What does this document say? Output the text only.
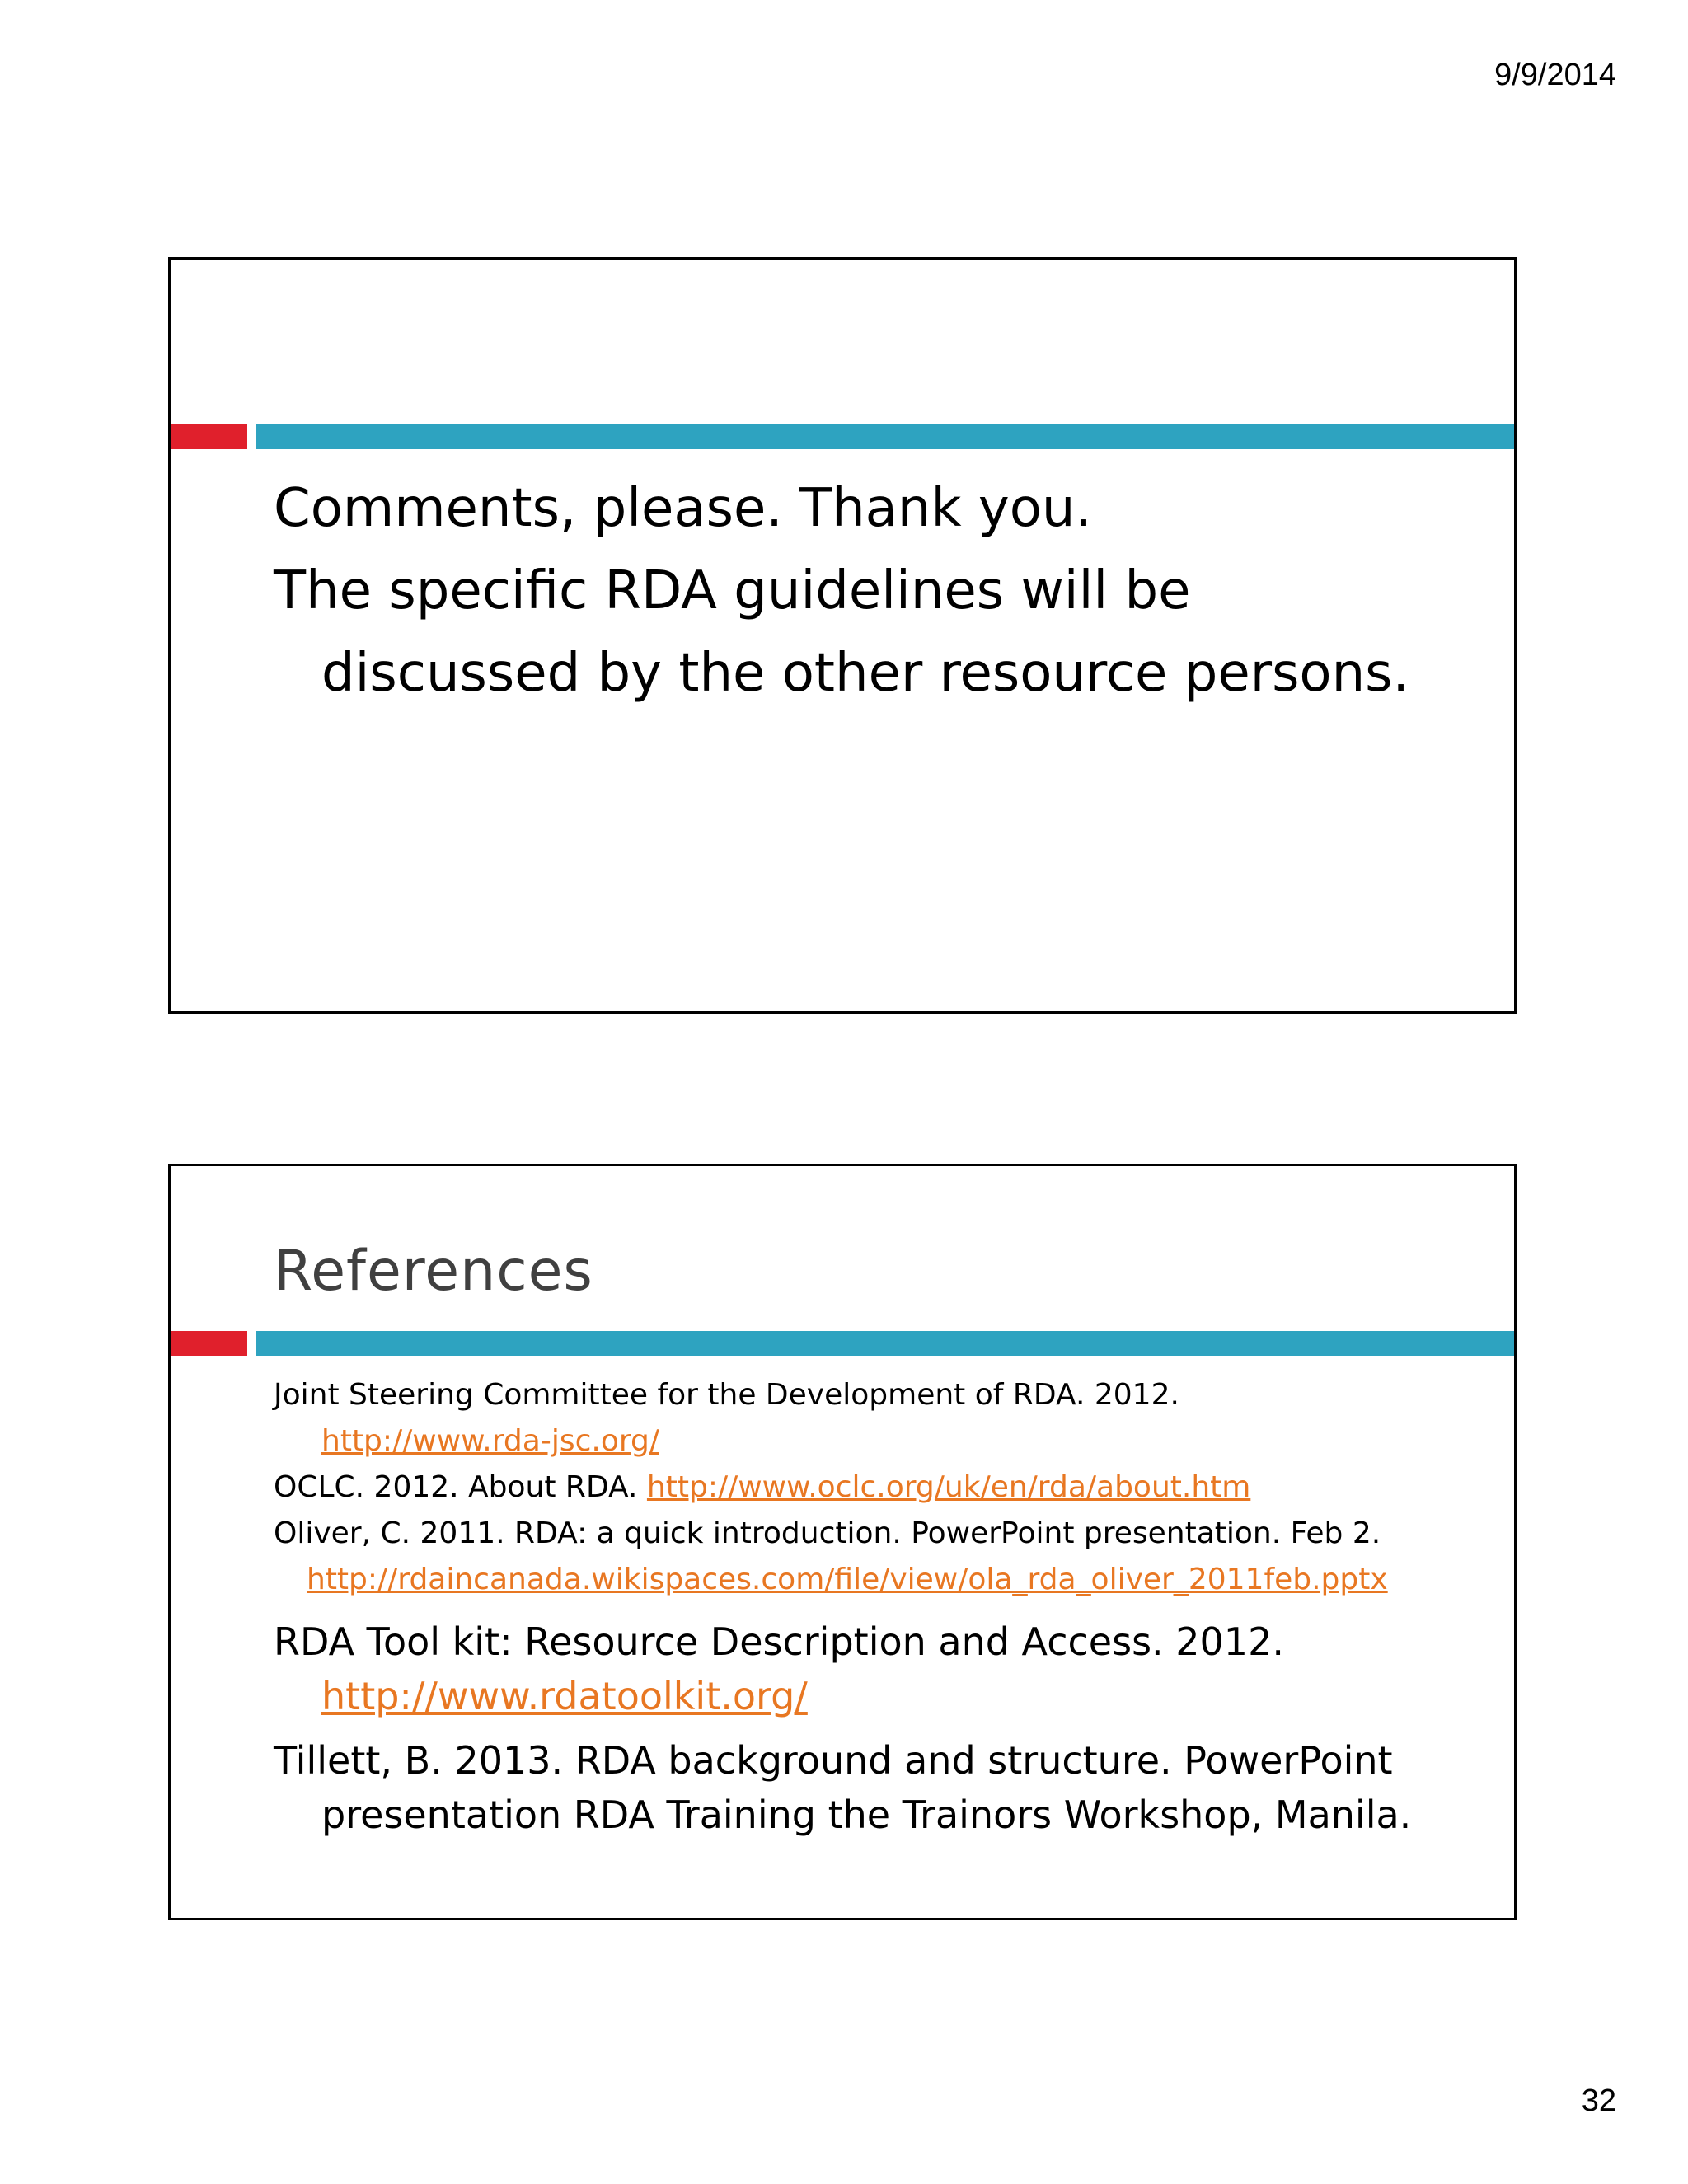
9/9/2014

Comments, please. Thank you.

The specific RDA guidelines will be
discussed by the other resource persons.

References

Joint Steering Committee for the Development of RDA. 2012.
http://www.rda-jsc.org/

OCLC. 2012. About RDA. http://www.oclc.org/uk/en/rda/about.htm

Oliver, C. 2011. RDA: a quick introduction. PowerPoint presentation. Feb 2.
http://rdaincanada.wikispaces.com/file/view/ola_rda_oliver_2011feb.pptx

RDA Tool kit: Resource Description and Access. 2012.
http://www.rdatoolkit.org/

Tillett, B. 2013. RDA background and structure. PowerPoint
presentation RDA Training the Trainors Workshop, Manila.

32
